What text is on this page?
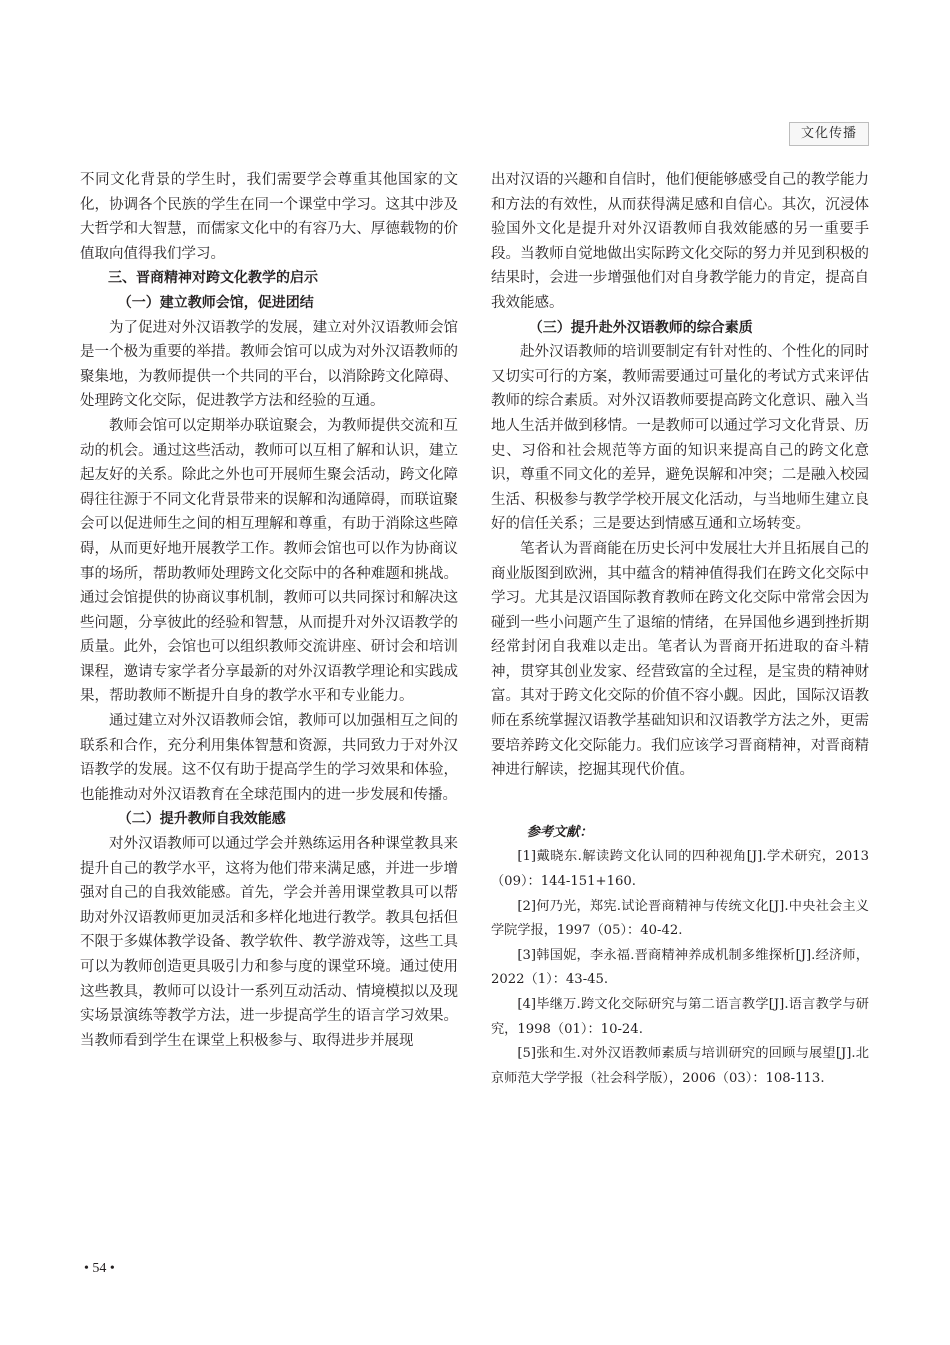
文化传播

不同文化背景的学生时，我们需要学会尊重其他国家的文化，协调各个民族的学生在同一个课堂中学习。这其中涉及大哲学和大智慧，而儒家文化中的有容乃大、厚德载物的价值取向值得我们学习。

三、晋商精神对跨文化教学的启示

（一）建立教师会馆，促进团结

为了促进对外汉语教学的发展，建立对外汉语教师会馆是一个极为重要的举措。教师会馆可以成为对外汉语教师的聚集地，为教师提供一个共同的平台，以消除跨文化障碍、处理跨文化交际，促进教学方法和经验的互通。

教师会馆可以定期举办联谊聚会，为教师提供交流和互动的机会。通过这些活动，教师可以互相了解和认识，建立起友好的关系。除此之外也可开展师生聚会活动，跨文化障碍往往源于不同文化背景带来的误解和沟通障碍，而联谊聚会可以促进师生之间的相互理解和尊重，有助于消除这些障碍，从而更好地开展教学工作。教师会馆也可以作为协商议事的场所，帮助教师处理跨文化交际中的各种难题和挑战。通过会馆提供的协商议事机制，教师可以共同探讨和解决这些问题，分享彼此的经验和智慧，从而提升对外汉语教学的质量。此外，会馆也可以组织教师交流讲座、研讨会和培训课程，邀请专家学者分享最新的对外汉语教学理论和实践成果，帮助教师不断提升自身的教学水平和专业能力。

通过建立对外汉语教师会馆，教师可以加强相互之间的联系和合作，充分利用集体智慧和资源，共同致力于对外汉语教学的发展。这不仅有助于提高学生的学习效果和体验，也能推动对外汉语教育在全球范围内的进一步发展和传播。

（二）提升教师自我效能感

对外汉语教师可以通过学会并熟练运用各种课堂教具来提升自己的教学水平，这将为他们带来满足感，并进一步增强对自己的自我效能感。首先，学会并善用课堂教具可以帮助对外汉语教师更加灵活和多样化地进行教学。教具包括但不限于多媒体教学设备、教学软件、教学游戏等，这些工具可以为教师创造更具吸引力和参与度的课堂环境。通过使用这些教具，教师可以设计一系列互动活动、情境模拟以及现实场景演练等教学方法，进一步提高学生的语言学习效果。当教师看到学生在课堂上积极参与、取得进步并展现

出对汉语的兴趣和自信时，他们便能够感受自己的教学能力和方法的有效性，从而获得满足感和自信心。其次，沉浸体验国外文化是提升对外汉语教师自我效能感的另一重要手段。当教师自觉地做出实际跨文化交际的努力并见到积极的结果时，会进一步增强他们对自身教学能力的肯定，提高自我效能感。

（三）提升赴外汉语教师的综合素质

赴外汉语教师的培训要制定有针对性的、个性化的同时又切实可行的方案，教师需要通过可量化的考试方式来评估教师的综合素质。对外汉语教师要提高跨文化意识、融入当地人生活并做到移情。一是教师可以通过学习文化背景、历史、习俗和社会规范等方面的知识来提高自己的跨文化意识，尊重不同文化的差异，避免误解和冲突；二是融入校园生活、积极参与教学学校开展文化活动，与当地师生建立良好的信任关系；三是要达到情感互通和立场转变。

笔者认为晋商能在历史长河中发展壮大并且拓展自己的商业版图到欧洲，其中蕴含的精神值得我们在跨文化交际中学习。尤其是汉语国际教育教师在跨文化交际中常常会因为碰到一些小问题产生了退缩的情绪，在异国他乡遇到挫折期经常封闭自我难以走出。笔者认为晋商开拓进取的奋斗精神，贯穿其创业发家、经营致富的全过程，是宝贵的精神财富。其对于跨文化交际的价值不容小觑。因此，国际汉语教师在系统掌握汉语教学基础知识和汉语教学方法之外，更需要培养跨文化交际能力。我们应该学习晋商精神，对晋商精神进行解读，挖掘其现代价值。

参考文献：

[1]戴晓东.解读跨文化认同的四种视角[J].学术研究，2013（09）：144-151+160.

[2]何乃光，郑宪.试论晋商精神与传统文化[J].中央社会主义学院学报，1997（05）：40-42.

[3]韩国妮，李永福.晋商精神养成机制多维探析[J].经济师，2022（1）：43-45.

[4]毕继万.跨文化交际研究与第二语言教学[J].语言教学与研究，1998（01）：10-24.

[5]张和生.对外汉语教师素质与培训研究的回顾与展望[J].北京师范大学学报（社会科学版），2006（03）：108-113.

• 54 •
